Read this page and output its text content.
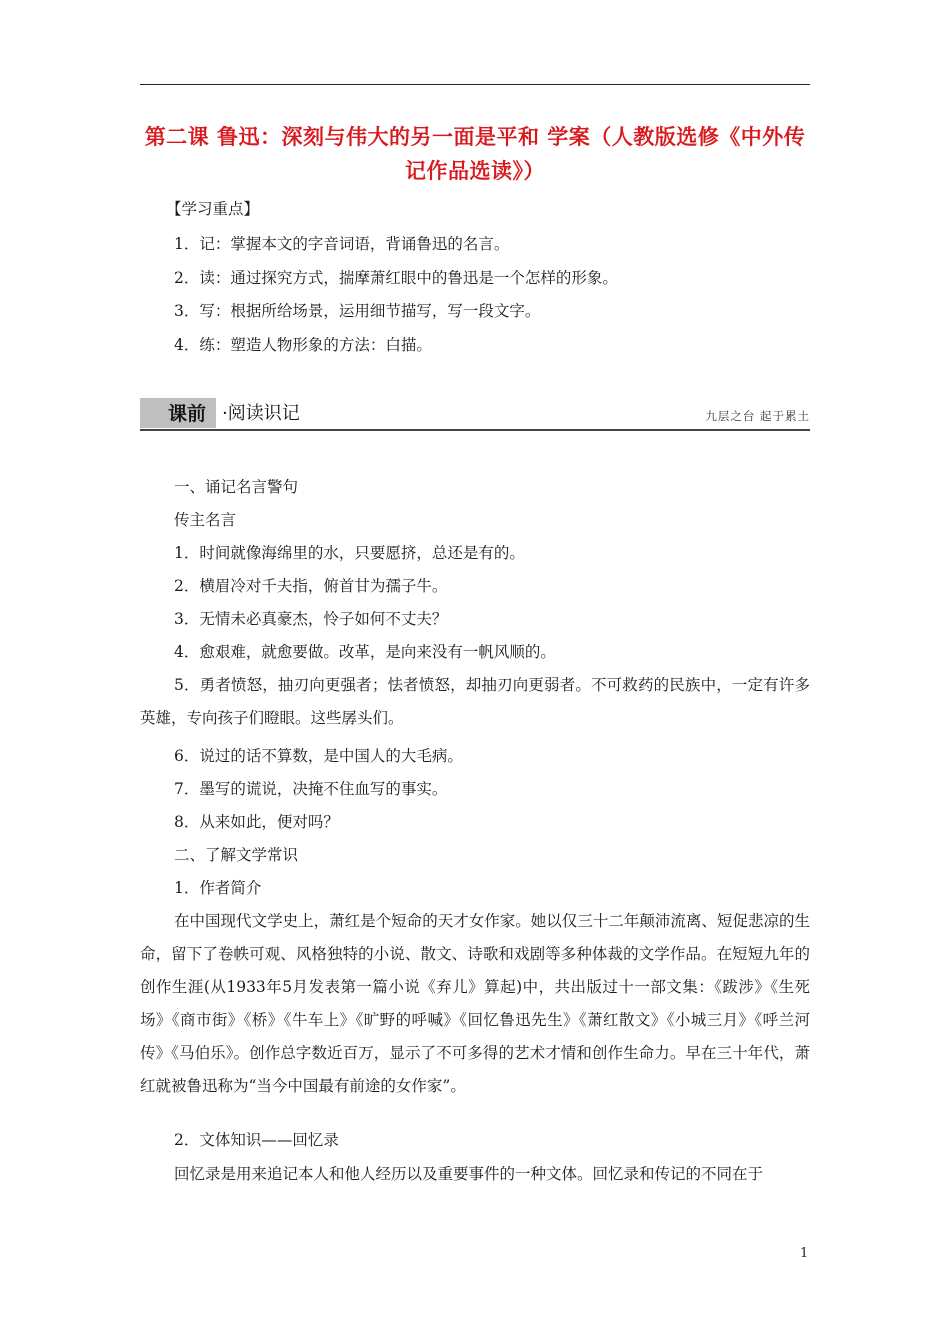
第二课 鲁迅：深刻与伟大的另一面是平和 学案（人教版选修《中外传
记作品选读》）
【学习重点】
1．记：掌握本文的字音词语，背诵鲁迅的名言。
2．读：通过探究方式，揣摩萧红眼中的鲁迅是一个怎样的形象。
3．写：根据所给场景，运用细节描写，写一段文字。
4．练：塑造人物形象的方法：白描。
课前 ·阅读识记	九层之台 起于累土
一、诵记名言警句
传主名言
1．时间就像海绵里的水，只要愿挤，总还是有的。
2．横眉冷对千夫指，俯首甘为孺子牛。
3．无情未必真豪杰，怜子如何不丈夫？
4．愈艰难，就愈要做。改革，是向来没有一帆风顺的。
5．勇者愤怒，抽刃向更强者；怯者愤怒，却抽刃向更弱者。不可救药的民族中，一定有许多英雄，专向孩子们瞪眼。这些孱头们。
6．说过的话不算数，是中国人的大毛病。
7．墨写的谎说，决掩不住血写的事实。
8．从来如此，便对吗？
二、了解文学常识
1．作者简介
在中国现代文学史上，萧红是个短命的天才女作家。她以仅三十二年颠沛流离、短促悲凉的生命，留下了卷帙可观、风格独特的小说、散文、诗歌和戏剧等多种体裁的文学作品。在短短九年的创作生涯(从1933年5月发表第一篇小说《弃儿》算起)中，共出版过十一部文集：《跋涉》《生死场》《商市街》《桥》《牛车上》《旷野的呼喊》《回忆鲁迅先生》《萧红散文》《小城三月》《呼兰河传》《马伯乐》。创作总字数近百万，显示了不可多得的艺术才情和创作生命力。早在三十年代，萧红就被鲁迅称为“当今中国最有前途的女作家”。
2．文体知识——回忆录
回忆录是用来追记本人和他人经历以及重要事件的一种文体。回忆录和传记的不同在于
1
